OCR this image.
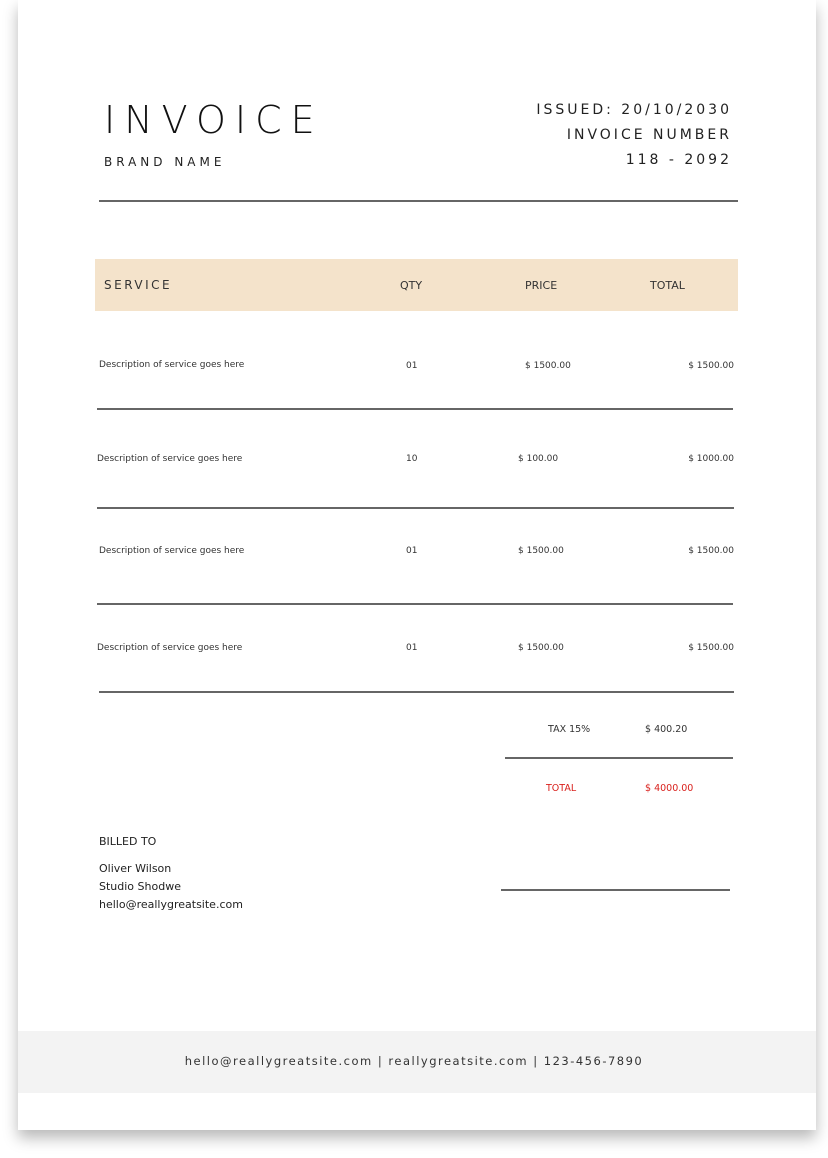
INVOICE
BRAND NAME
ISSUED: 20/10/2030
INVOICE NUMBER
118 - 2092
SERVICE	QTY	PRICE	TOTAL
Description of service goes here	01	$ 1500.00	$ 1500.00
Description of service goes here	10	$ 100.00	$ 1000.00
Description of service goes here	01	$ 1500.00	$ 1500.00
Description of service goes here	01	$ 1500.00	$ 1500.00
TAX 15%	$ 400.20
TOTAL	$ 4000.00
BILLED TO
Oliver Wilson
Studio Shodwe
hello@reallygreatsite.com
hello@reallygreatsite.com | reallygreatsite.com | 123-456-7890
